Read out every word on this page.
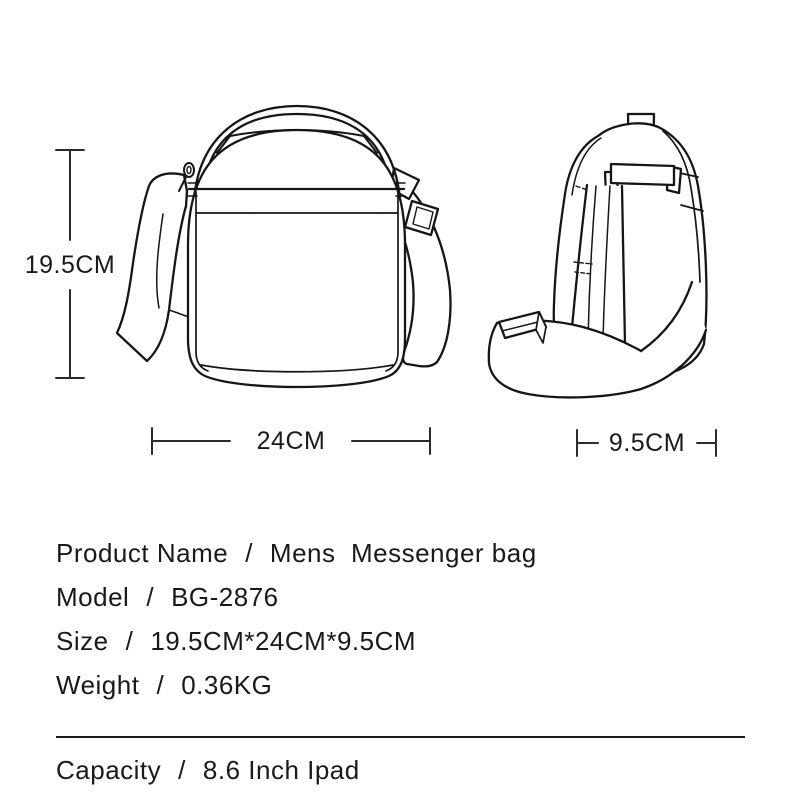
19.5CM
24CM	9.5CM
Product Name / Mens  Messenger bag
Model / BG-2876
Size / 19.5CM*24CM*9.5CM
Weight / 0.36KG
Capacity / 8.6 Inch Ipad
